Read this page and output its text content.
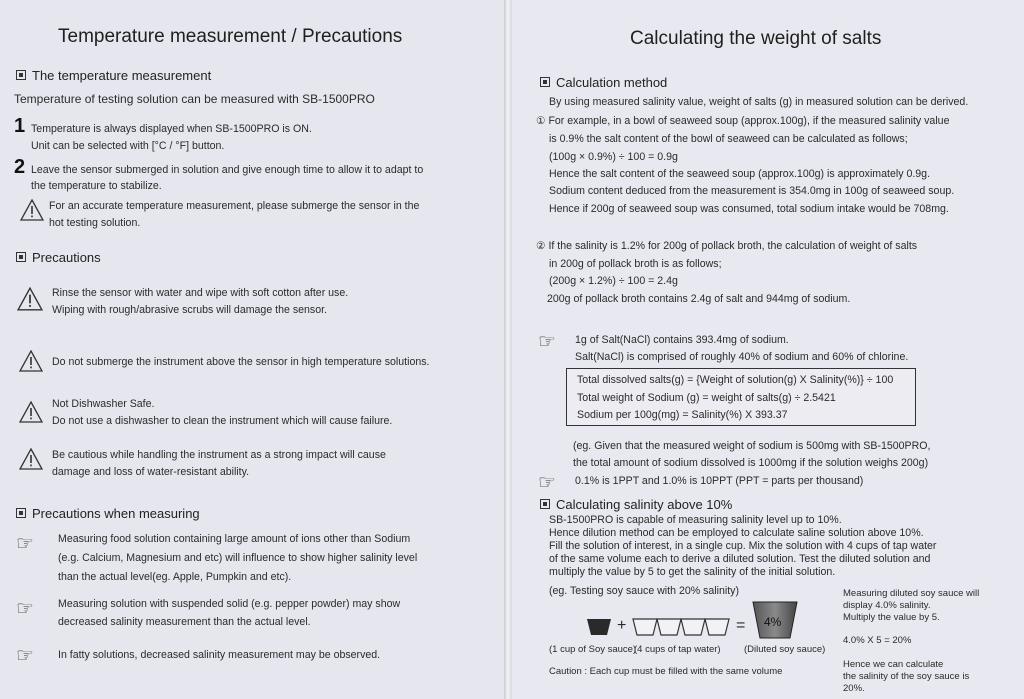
Temperature measurement / Precautions
The temperature measurement
Temperature of testing solution can be measured with SB-1500PRO
1 Temperature is always displayed when SB-1500PRO is ON.
Unit can be selected with [°C / °F] button.
2 Leave the sensor submerged in solution and give enough time to allow it to adapt to
the temperature to stabilize.
For an accurate temperature measurement, please submerge the sensor in the
hot testing solution.
Precautions
Rinse the sensor with water and wipe with soft cotton after use.
Wiping with rough/abrasive scrubs will damage the sensor.
Do not submerge the instrument above the sensor in high temperature solutions.
Not Dishwasher Safe.
Do not use a dishwasher to clean the instrument which will cause failure.
Be cautious while handling the instrument as a strong impact will cause
damage and loss of water-resistant ability.
Precautions when measuring
☞ Measuring food solution containing large amount of ions other than Sodium
(e.g. Calcium, Magnesium and etc) will influence to show higher salinity level
than the actual level(eg. Apple, Pumpkin and etc).
☞ Measuring solution with suspended solid (e.g. pepper powder) may show
decreased salinity measurement than the actual level.
☞ In fatty solutions, decreased salinity measurement may be observed.
Calculating the weight of salts
Calculation method
By using measured salinity value, weight of salts (g) in measured solution can be derived.
① For example, in a bowl of seaweed soup (approx.100g), if the measured salinity value
is 0.9% the salt content of the bowl of seaweed can be calculated as follows;
(100g × 0.9%) ÷ 100 = 0.9g
Hence the salt content of the seaweed soup (approx.100g) is approximately 0.9g.
Sodium content deduced from the measurement is 354.0mg in 100g of seaweed soup.
Hence if 200g of seaweed soup was consumed, total sodium intake would be 708mg.
② If the salinity is 1.2% for 200g of pollack broth, the calculation of weight of salts
in 200g of pollack broth is as follows;
(200g × 1.2%) ÷ 100 = 2.4g
200g of pollack broth contains 2.4g of salt and 944mg of sodium.
☞ 1g of Salt(NaCl) contains 393.4mg of sodium.
Salt(NaCl) is comprised of roughly 40% of sodium and 60% of chlorine.
Total dissolved salts(g) = {Weight of solution(g) X Salinity(%)} ÷ 100
Total weight of Sodium (g) = weight of salts(g) ÷ 2.5421
Sodium per 100g(mg) = Salinity(%) X 393.37
(eg. Given that the measured weight of sodium is 500mg with SB-1500PRO,
the total amount of sodium dissolved is 1000mg if the solution weighs 200g)
☞ 0.1% is 1PPT and 1.0% is 10PPT (PPT = parts per thousand)
Calculating salinity above 10%
SB-1500PRO is capable of measuring salinity level up to 10%.
Hence dilution method can be employed to calculate saline solution above 10%.
Fill the solution of interest, in a single cup. Mix the solution with 4 cups of tap water
of the same volume each to derive a diluted solution. Test the diluted solution and
multiply the value by 5 to get the salinity of the initial solution.
(eg. Testing soy sauce with 20% salinity)
+	= 4%
(1 cup of Soy sauce)
(4 cups of tap water) (Diluted soy sauce)
Caution : Each cup must be filled with the same volume
Measuring diluted soy sauce will
display 4.0% salinity.
Multiply the value by 5.
4.0% X 5 = 20%
Hence we can calculate
the salinity of the soy sauce is
20%.
